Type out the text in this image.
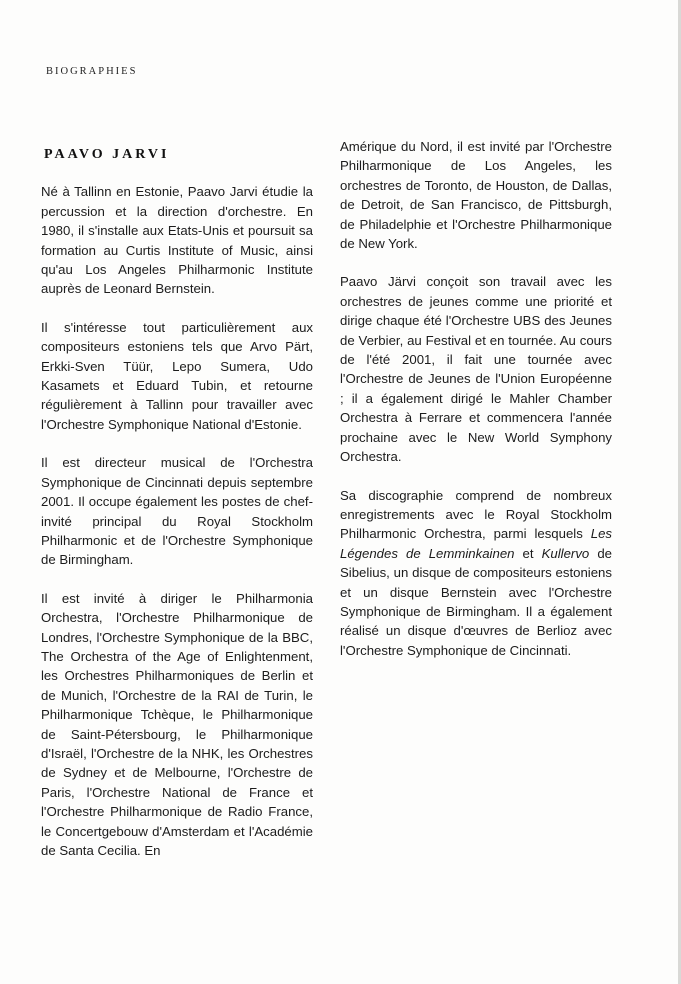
BIOGRAPHIES
PAAVO JARVI

Né à Tallinn en Estonie, Paavo Jarvi étudie la percussion et la direction d'orchestre. En 1980, il s'installe aux Etats-Unis et poursuit sa formation au Curtis Institute of Music, ainsi qu'au Los Angeles Philharmonic Institute auprès de Leonard Bernstein.

Il s'intéresse tout particulièrement aux compositeurs estoniens tels que Arvo Pärt, Erkki-Sven Tüür, Lepo Sumera, Udo Kasamets et Eduard Tubin, et retourne régulièrement à Tallinn pour travailler avec l'Orchestre Symphonique National d'Estonie.

Il est directeur musical de l'Orchestra Symphonique de Cincinnati depuis septembre 2001. Il occupe également les postes de chef-invité principal du Royal Stockholm Philharmonic et de l'Orchestre Symphonique de Birmingham.

Il est invité à diriger le Philharmonia Orchestra, l'Orchestre Philharmonique de Londres, l'Orchestre Symphonique de la BBC, The Orchestra of the Age of Enlightenment, les Orchestres Philharmoniques de Berlin et de Munich, l'Orchestre de la RAI de Turin, le Philharmonique Tchèque, le Philharmonique de Saint-Pétersbourg, le Philharmonique d'Israël, l'Orchestre de la NHK, les Orchestres de Sydney et de Melbourne, l'Orchestre de Paris, l'Orchestre National de France et l'Orchestre Philharmonique de Radio France, le Concertgebouw d'Amsterdam et l'Académie de Santa Cecilia. En

Amérique du Nord, il est invité par l'Orchestre Philharmonique de Los Angeles, les orchestres de Toronto, de Houston, de Dallas, de Detroit, de San Francisco, de Pittsburgh, de Philadelphie et l'Orchestre Philharmonique de New York.

Paavo Järvi conçoit son travail avec les orchestres de jeunes comme une priorité et dirige chaque été l'Orchestre UBS des Jeunes de Verbier, au Festival et en tournée. Au cours de l'été 2001, il fait une tournée avec l'Orchestre de Jeunes de l'Union Européenne ; il a également dirigé le Mahler Chamber Orchestra à Ferrare et commencera l'année prochaine avec le New World Symphony Orchestra.

Sa discographie comprend de nombreux enregistrements avec le Royal Stockholm Philharmonic Orchestra, parmi lesquels Les Légendes de Lemminkainen et Kullervo de Sibelius, un disque de compositeurs estoniens et un disque Bernstein avec l'Orchestre Symphonique de Birmingham. Il a également réalisé un disque d'œuvres de Berlioz avec l'Orchestre Symphonique de Cincinnati.
